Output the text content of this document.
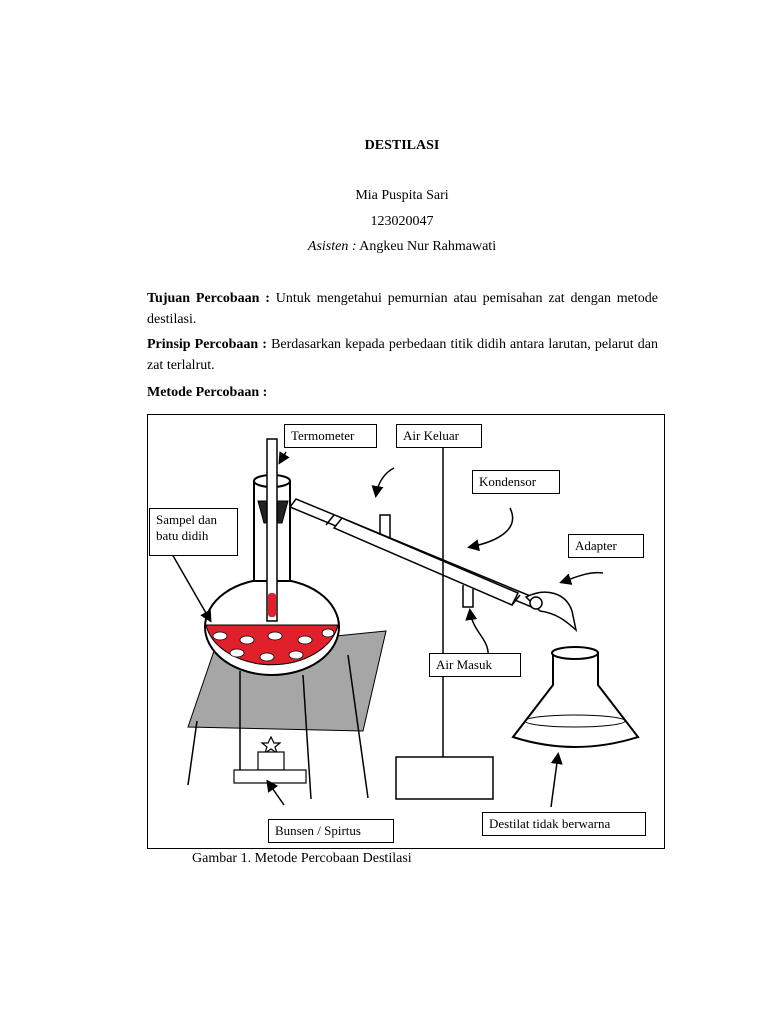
DESTILASI
Mia Puspita Sari
123020047
Asisten : Angkeu Nur Rahmawati
Tujuan Percobaan : Untuk mengetahui pemurnian atau pemisahan zat dengan metode destilasi.
Prinsip Percobaan : Berdasarkan kepada perbedaan titik didih antara larutan, pelarut dan zat terlalrut.
Metode Percobaan :
Termometer	Air Keluar
Kondensor
Sampel dan
batu didih
Adapter
Air Masuk
Bunsen / Spirtus	Destilat tidak berwarna
Gambar 1. Metode Percobaan Destilasi
